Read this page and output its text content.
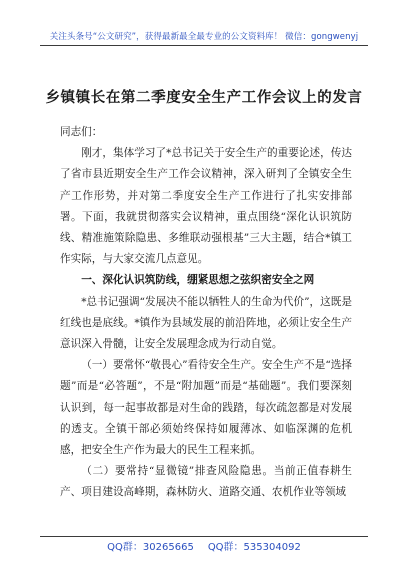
关注头条号“公文研究”，获得最新最全最专业的公文资料库！ 微信：gongwenyj
乡镇镇长在第二季度安全生产工作会议上的发言

同志们：

刚才，集体学习了*总书记关于安全生产的重要论述，传达了省市县近期安全生产工作会议精神，深入研判了全镇安全生产工作形势，并对第二季度安全生产工作进行了扎实安排部署。下面，我就贯彻落实会议精神，重点围绕“深化认识筑防线、精准施策除隐患、多维联动强根基”三大主题，结合*镇工作实际，与大家交流几点意见。

一、深化认识筑防线，绷紧思想之弦织密安全之网

*总书记强调“发展决不能以牺牲人的生命为代价”，这既是红线也是底线。*镇作为县域发展的前沿阵地，必须让安全生产意识深入骨髓，让安全发展理念成为行动自觉。

（一）要常怀“敬畏心”看待安全生产。安全生产不是“选择题”而是“必答题”，不是“附加题”而是“基础题”。我们要深刻认识到，每一起事故都是对生命的践踏，每次疏忽都是对发展的透支。全镇干部必须始终保持如履薄冰、如临深渊的危机感，把安全生产作为最大的民生工程来抓。

（二）要常持“显微镜”排查风险隐患。当前正值春耕生产、项目建设高峰期，森林防火、道路交通、农机作业等领域

QQ群：30265665 QQ群：535304092
